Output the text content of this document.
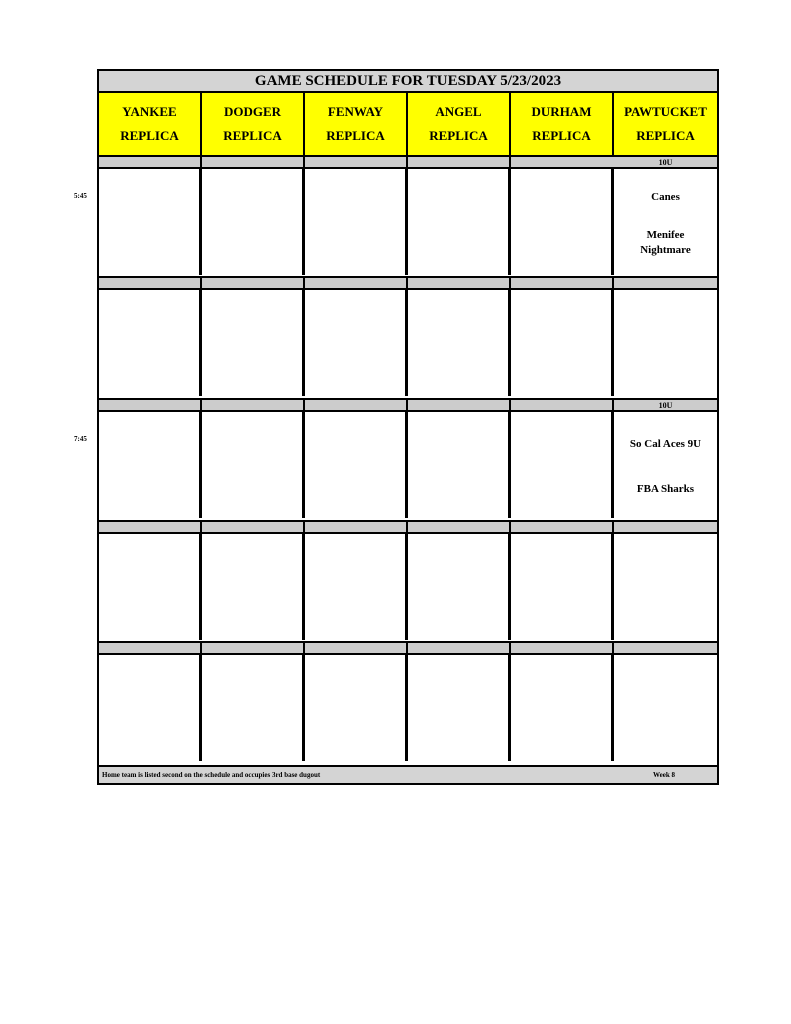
GAME SCHEDULE FOR TUESDAY 5/23/2023
YANKEE
REPLICA
DODGER
REPLICA
FENWAY
REPLICA
ANGEL
REPLICA
DURHAM
REPLICA
PAWTUCKET
REPLICA
10U
Canes
Menifee Nightmare
10U
So Cal Aces 9U
FBA Sharks
Home team is listed second on the schedule and occupies 3rd base dugout	Week 8
5:45
7:45
